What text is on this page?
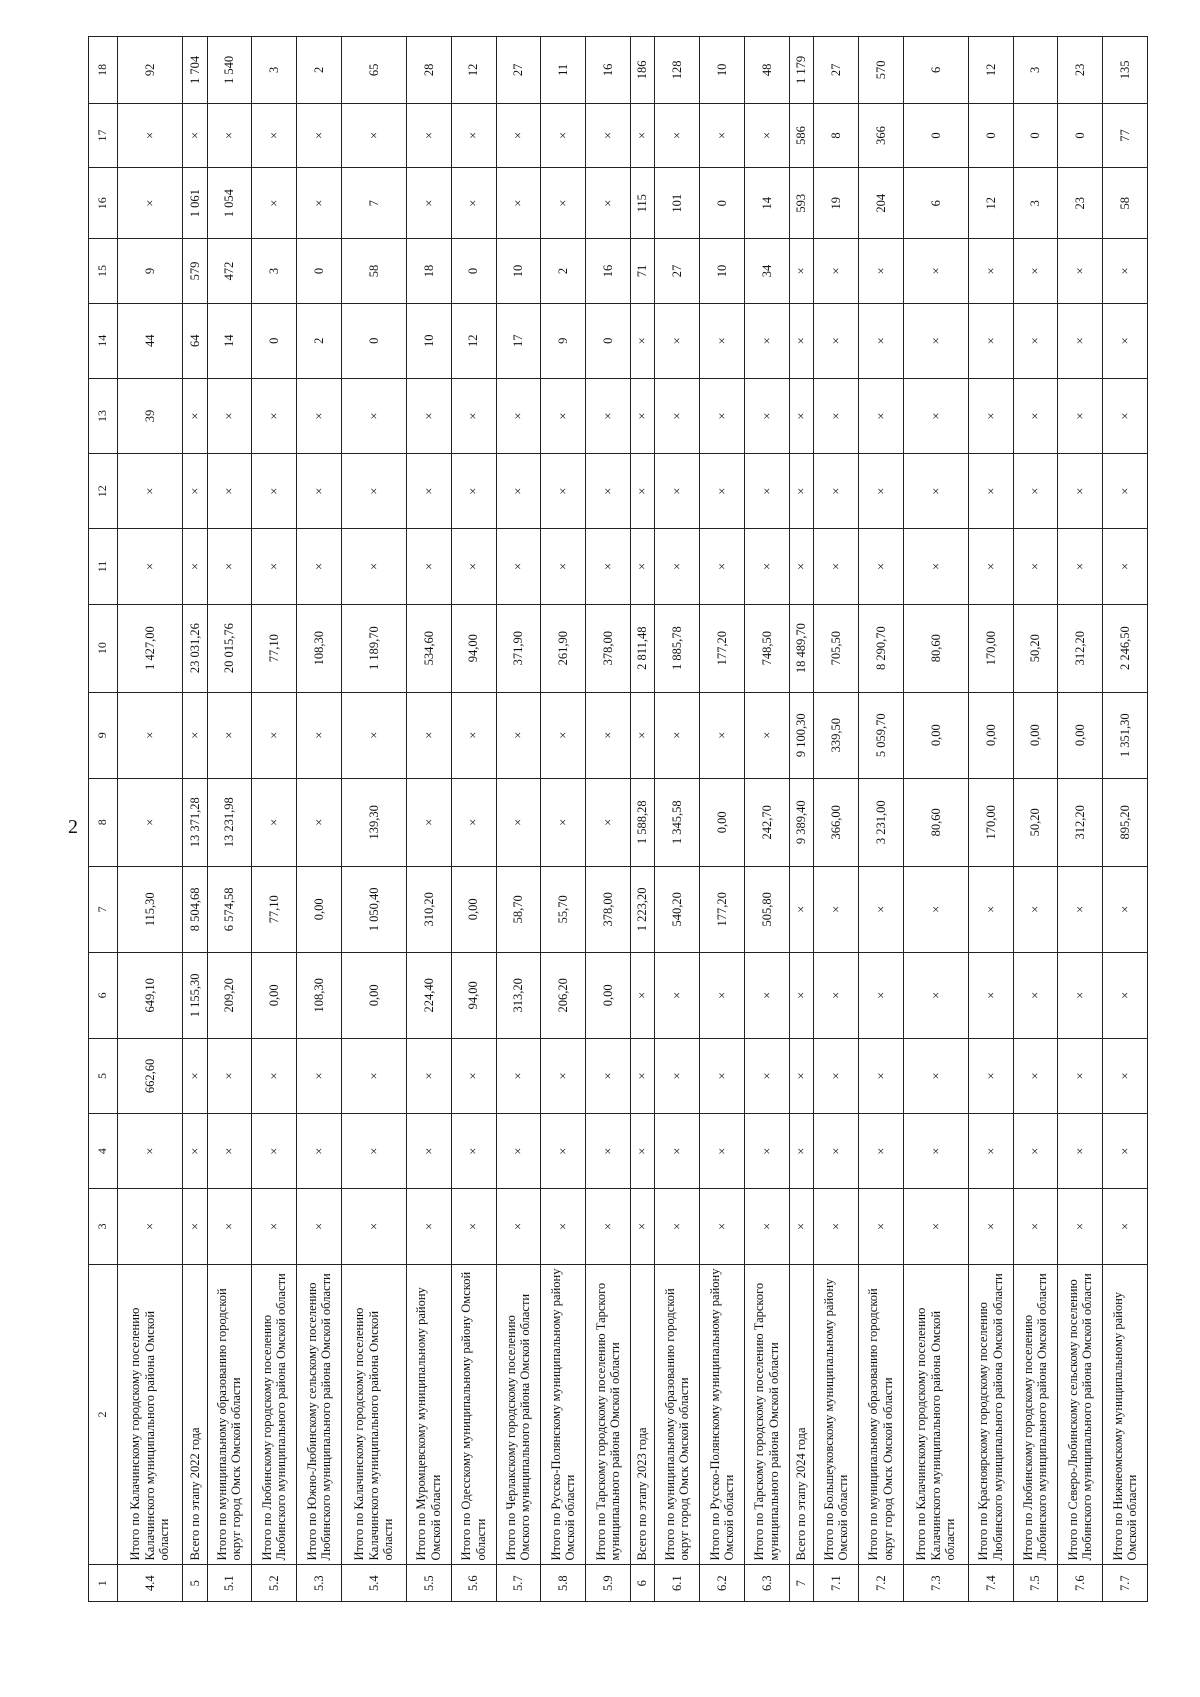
2
1	2	3	4	5	6	7	8	9	10	11	12	13	14	15	16	17	18
4.4	Итого по Калачинскому городскому поселению Калачинского муниципального района Омской области	×	×	662,60	649,10	115,30	×	×	1 427,00	×	×	39	44	9	×	×	92
5	Всего по этапу 2022 года	×	×	×	1 155,30	8 504,68	13 371,28	×	23 031,26	×	×	×	64	579	1 061	×	1 704
5.1	Итого по муниципальному образованию городской округ город Омск Омской области	×	×	×	209,20	6 574,58	13 231,98	×	20 015,76	×	×	×	14	472	1 054	×	1 540
5.2	Итого по Любинскому городскому поселению Любинского муниципального района Омской области	×	×	×	0,00	77,10	×	×	77,10	×	×	×	0	3	×	×	3
5.3	Итого по Южно-Любинскому сельскому поселению Любинского муниципального района Омской области	×	×	×	108,30	0,00	×	×	108,30	×	×	×	2	0	×	×	2
5.4	Итого по Калачинскому городскому поселению Калачинского муниципального района Омской области	×	×	×	0,00	1 050,40	139,30	×	1 189,70	×	×	×	0	58	7	×	65
5.5	Итого по Муромцевскому муниципальному району Омской области	×	×	×	224,40	310,20	×	×	534,60	×	×	×	10	18	×	×	28
5.6	Итого по Одесскому муниципальному району Омской области	×	×	×	94,00	0,00	×	×	94,00	×	×	×	12	0	×	×	12
5.7	Итого по Черлакскому городскому поселению Омского муниципального района Омской области	×	×	×	313,20	58,70	×	×	371,90	×	×	×	17	10	×	×	27
5.8	Итого по Русско-Полянскому муниципальному району Омской области	×	×	×	206,20	55,70	×	×	261,90	×	×	×	9	2	×	×	11
5.9	Итого по Тарскому городскому поселению Тарского муниципального района Омской области	×	×	×	0,00	378,00	×	×	378,00	×	×	×	0	16	×	×	16
6	Всего по этапу 2023 года	×	×	×	×	1 223,20	1 588,28	×	2 811,48	×	×	×	×	71	115	×	186
6.1	Итого по муниципальному образованию городской округ город Омск Омской области	×	×	×	×	540,20	1 345,58	×	1 885,78	×	×	×	×	27	101	×	128
6.2	Итого по Русско-Полянскому муниципальному району Омской области	×	×	×	×	177,20	0,00	×	177,20	×	×	×	×	10	0	×	10
6.3	Итого по Тарскому городскому поселению Тарского муниципального района Омской области	×	×	×	×	505,80	242,70	×	748,50	×	×	×	×	34	14	×	48
7	Всего по этапу 2024 года	×	×	×	×	×	9 389,40	9 100,30	18 489,70	×	×	×	×	×	593	586	1 179
7.1	Итого по Большеуковскому муниципальному району Омской области	×	×	×	×	×	366,00	339,50	705,50	×	×	×	×	×	19	8	27
7.2	Итого по муниципальному образованию городской округ город Омск Омской области	×	×	×	×	×	3 231,00	5 059,70	8 290,70	×	×	×	×	×	204	366	570
7.3	Итого по Калачинскому городскому поселению Калачинского муниципального района Омской области	×	×	×	×	×	80,60	0,00	80,60	×	×	×	×	×	6	0	6
7.4	Итого по Красноярскому городскому поселению Любинского муниципального района Омской области	×	×	×	×	×	170,00	0,00	170,00	×	×	×	×	×	12	0	12
7.5	Итого по Любинскому городскому поселению Любинского муниципального района Омской области	×	×	×	×	×	50,20	0,00	50,20	×	×	×	×	×	3	0	3
7.6	Итого по Северо-Любинскому сельскому поселению Любинского муниципального района Омской области	×	×	×	×	×	312,20	0,00	312,20	×	×	×	×	×	23	0	23
7.7	Итого по Нижнеомскому муниципальному району Омской области	×	×	×	×	×	895,20	1 351,30	2 246,50	×	×	×	×	×	58	77	135
